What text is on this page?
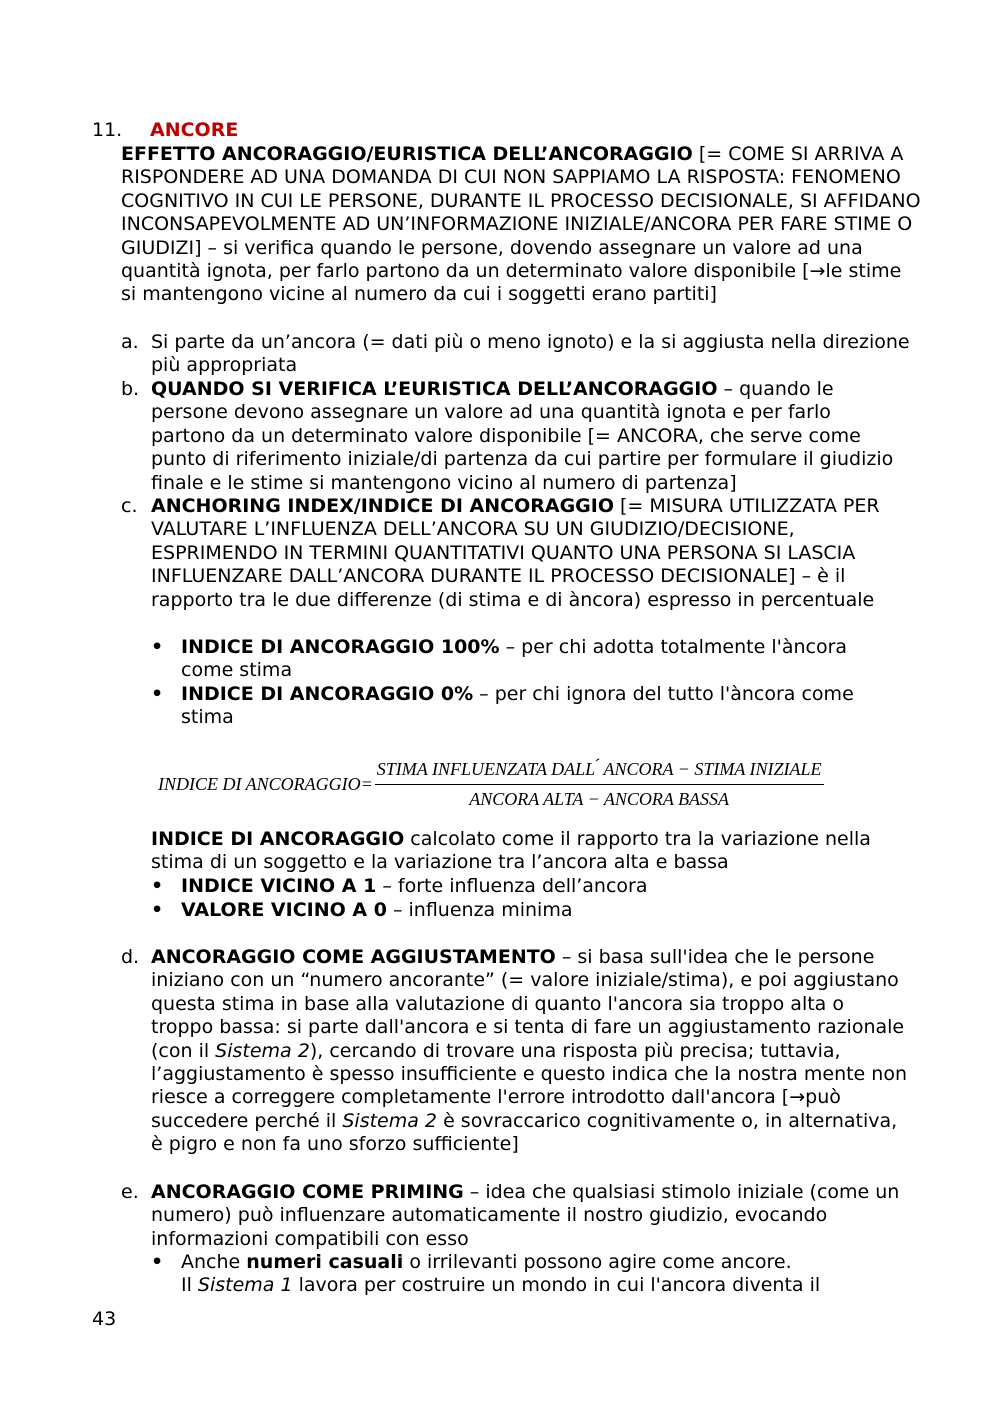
11. ANCORE

EFFETTO ANCORAGGIO/EURISTICA DELL’ANCORAGGIO [= COME SI ARRIVA A RISPONDERE AD UNA DOMANDA DI CUI NON SAPPIAMO LA RISPOSTA: FENOMENO COGNITIVO IN CUI LE PERSONE, DURANTE IL PROCESSO DECISIONALE, SI AFFIDANO INCONSAPEVOLMENTE AD UN’INFORMAZIONE INIZIALE/ANCORA PER FARE STIME O GIUDIZI] – si verifica quando le persone, dovendo assegnare un valore ad una quantità ignota, per farlo partono da un determinato valore disponibile [→le stime si mantengono vicine al numero da cui i soggetti erano partiti]

a. Si parte da un’ancora (= dati più o meno ignoto) e la si aggiusta nella direzione più appropriata
b. QUANDO SI VERIFICA L’EURISTICA DELL’ANCORAGGIO – quando le persone devono assegnare un valore ad una quantità ignota e per farlo partono da un determinato valore disponibile [= ANCORA, che serve come punto di riferimento iniziale/di partenza da cui partire per formulare il giudizio finale e le stime si mantengono vicino al numero di partenza]
c. ANCHORING INDEX/INDICE DI ANCORAGGIO [= MISURA UTILIZZATA PER VALUTARE L’INFLUENZA DELL’ANCORA SU UN GIUDIZIO/DECISIONE, ESPRIMENDO IN TERMINI QUANTITATIVI QUANTO UNA PERSONA SI LASCIA INFLUENZARE DALL’ANCORA DURANTE IL PROCESSO DECISIONALE] – è il rapporto tra le due differenze (di stima e di àncora) espresso in percentuale
• INDICE DI ANCORAGGIO 100% – per chi adotta totalmente l'àncora come stima
• INDICE DI ANCORAGGIO 0% – per chi ignora del tutto l'àncora come stima
INDICE DI ANCORAGGIO= $\frac{\text{STIMA INFLUENZATA DALL ́ ANCORA − STIMA INIZIALE}}{\text{ANCORA ALTA − ANCORA BASSA}}$

INDICE DI ANCORAGGIO calcolato come il rapporto tra la variazione nella stima di un soggetto e la variazione tra l’ancora alta e bassa

• INDICE VICINO A 1 – forte influenza dell’ancora
• VALORE VICINO A 0 – influenza minima
d. ANCORAGGIO COME AGGIUSTAMENTO – si basa sull'idea che le persone iniziano con un “numero ancorante” (= valore iniziale/stima), e poi aggiustano questa stima in base alla valutazione di quanto l'ancora sia troppo alta o troppo bassa: si parte dall'ancora e si tenta di fare un aggiustamento razionale (con il Sistema 2), cercando di trovare una risposta più precisa; tuttavia, l’aggiustamento è spesso insufficiente e questo indica che la nostra mente non riesce a correggere completamente l'errore introdotto dall'ancora [→può succedere perché il Sistema 2 è sovraccarico cognitivamente o, in alternativa, è pigro e non fa uno sforzo sufficiente]
e. ANCORAGGIO COME PRIMING – idea che qualsiasi stimolo iniziale (come un numero) può influenzare automaticamente il nostro giudizio, evocando informazioni compatibili con esso
• Anche numeri casuali o irrilevanti possono agire come ancore.
Il Sistema 1 lavora per costruire un mondo in cui l'ancora diventa il
43
